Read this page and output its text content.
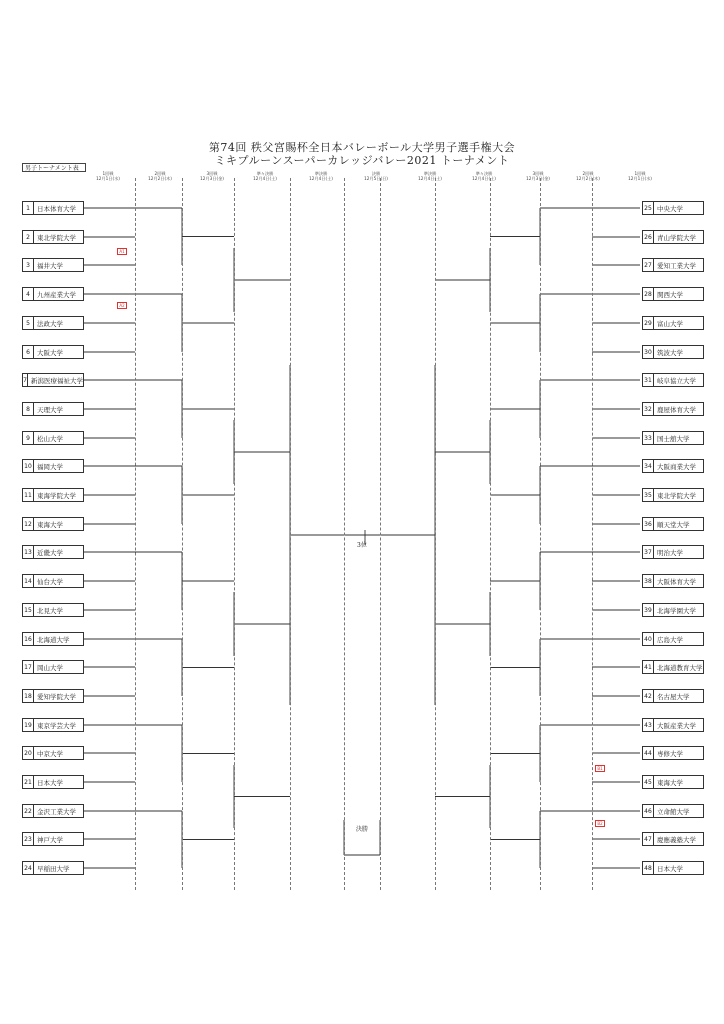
第74回 秩父宮賜杯全日本バレーボール大学男子選手権大会
ミキプルーンスーパーカレッジバレー2021 トーナメント
男子トーナメント表
1回戦
12月1日(水)
2回戦
12月2日(木)
3回戦
12月3日(金)
準々決勝
12月4日(土)
準決勝
12月4日(土)
決勝
12月5日(日)
準決勝
12月4日(土)
準々決勝
12月4日(土)
3回戦
12月3日(金)
2回戦
12月2日(木)
1回戦
12月1日(水)
1	日本体育大学
2	東北学院大学
3	福井大学
4	九州産業大学
5	法政大学
6	大阪大学
7 新潟医療福祉大学
8	天理大学
9	松山大学
10 福岡大学
11 東海学院大学
12 東海大学
13 近畿大学
14 仙台大学
15 北見大学
16 北海道大学
17 岡山大学
18 愛知学院大学
19 東京学芸大学
20 中京大学
21 日本大学
22 金沢工業大学
23 神戸大学
24 早稲田大学
25 中央大学
26 青山学院大学
27 愛知工業大学
28 関西大学
29 富山大学
30 筑波大学
31 岐阜協立大学
32 鹿屋体育大学
33 国士舘大学
34 大阪商業大学
35 東北学院大学
36 順天堂大学
37 明治大学
38 大阪体育大学
39 北海学園大学
40 広島大学
41 北海道教育大学
42 名古屋大学
43 大阪産業大学
44 専修大学
45 東海大学
46 立命館大学
47 慶應義塾大学
48 日本大学
A1
A2
B1
B2
決勝
3位
